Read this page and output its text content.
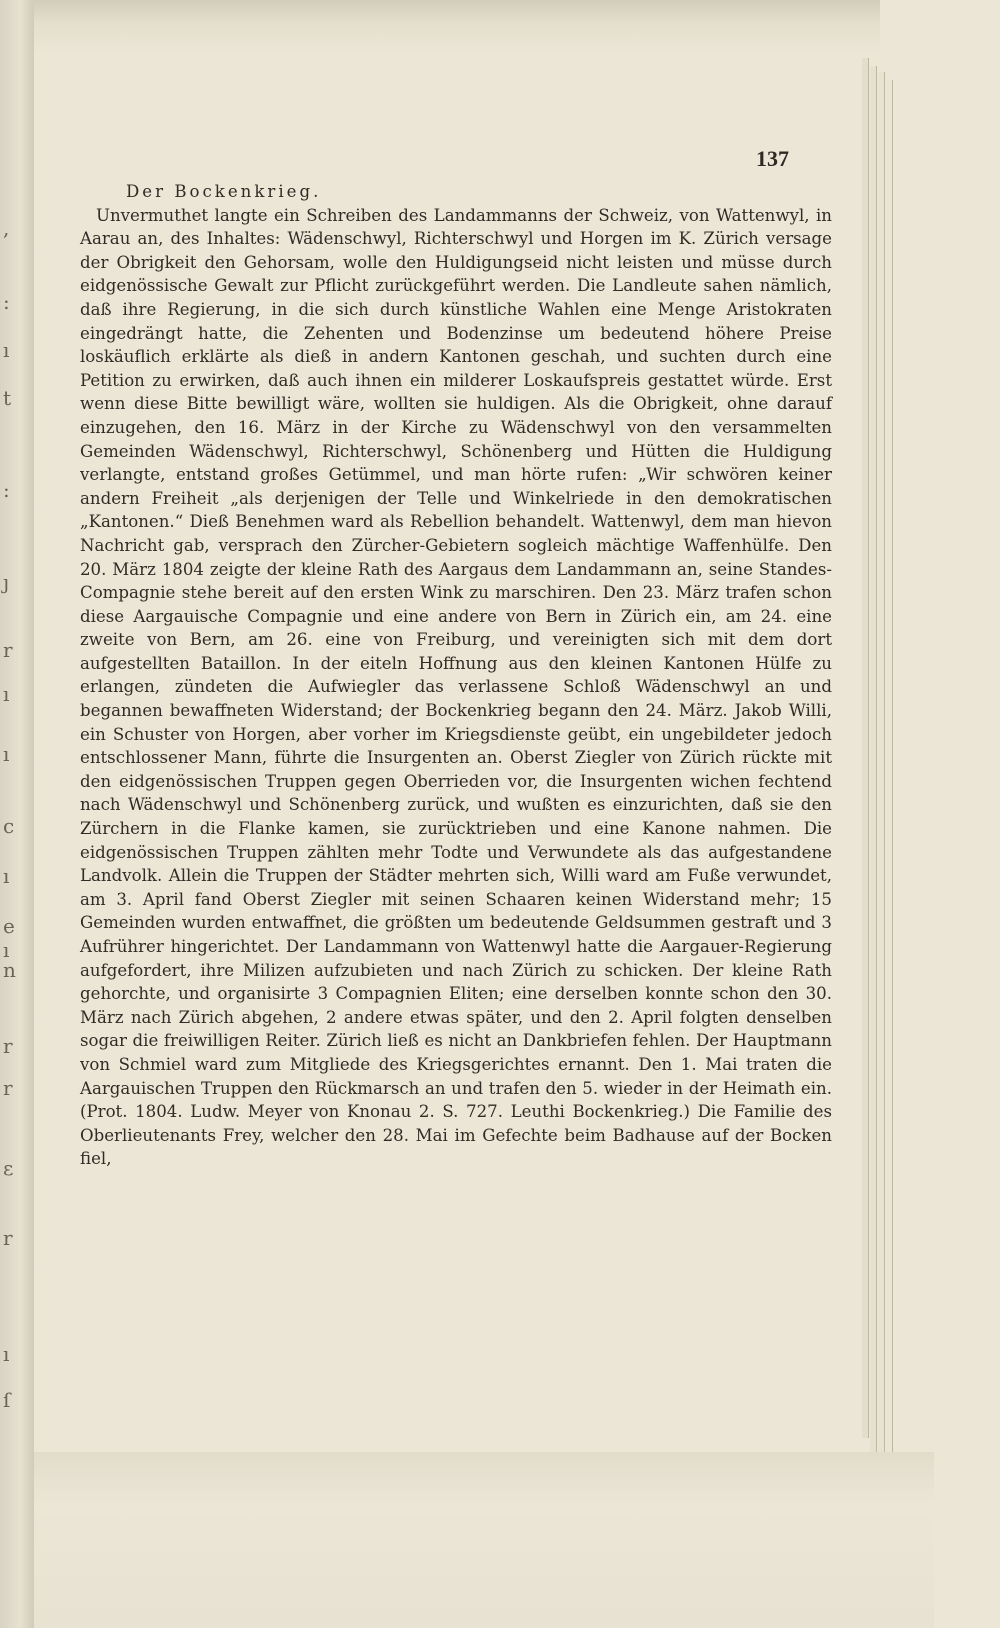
,
:
ı
t
:
ȷ
r
ı
ı
c
ı
e
ı
n
r
r
ε
r
ı
ſ

137

Der Bockenkrieg.

Unvermuthet langte ein Schreiben des Landammanns der Schweiz, von Wattenwyl, in Aarau an, des Inhaltes: Wädenschwyl, Richterschwyl und Horgen im K. Zürich versage der Obrigkeit den Gehorsam, wolle den Huldigungseid nicht leisten und müsse durch eidgenössische Gewalt zur Pflicht zurückgeführt werden. Die Landleute sahen nämlich, daß ihre Regierung, in die sich durch künstliche Wahlen eine Menge Aristokraten eingedrängt hatte, die Zehenten und Bodenzinse um bedeutend höhere Preise loskäuflich erklärte als dieß in andern Kantonen geschah, und suchten durch eine Petition zu erwirken, daß auch ihnen ein milderer Loskaufspreis gestattet würde. Erst wenn diese Bitte bewilligt wäre, wollten sie huldigen. Als die Obrigkeit, ohne darauf einzugehen, den 16. März in der Kirche zu Wädenschwyl von den versammelten Gemeinden Wädenschwyl, Richterschwyl, Schönenberg und Hütten die Huldigung verlangte, entstand großes Getümmel, und man hörte rufen: „Wir schwören keiner andern Freiheit „als derjenigen der Telle und Winkelriede in den demokratischen „Kantonen.“ Dieß Benehmen ward als Rebellion behandelt. Wattenwyl, dem man hievon Nachricht gab, versprach den Zürcher-Gebietern sogleich mächtige Waffenhülfe. Den 20. März 1804 zeigte der kleine Rath des Aargaus dem Landammann an, seine Standes-Compagnie stehe bereit auf den ersten Wink zu marschiren. Den 23. März trafen schon diese Aargauische Compagnie und eine andere von Bern in Zürich ein, am 24. eine zweite von Bern, am 26. eine von Freiburg, und vereinigten sich mit dem dort aufgestellten Bataillon. In der eiteln Hoffnung aus den kleinen Kantonen Hülfe zu erlangen, zündeten die Aufwiegler das verlassene Schloß Wädenschwyl an und begannen bewaffneten Widerstand; der Bockenkrieg begann den 24. März. Jakob Willi, ein Schuster von Horgen, aber vorher im Kriegsdienste geübt, ein ungebildeter jedoch entschlossener Mann, führte die Insurgenten an. Oberst Ziegler von Zürich rückte mit den eidgenössischen Truppen gegen Oberrieden vor, die Insurgenten wichen fechtend nach Wädenschwyl und Schönenberg zurück, und wußten es einzurichten, daß sie den Zürchern in die Flanke kamen, sie zurücktrieben und eine Kanone nahmen. Die eidgenössischen Truppen zählten mehr Todte und Verwundete als das aufgestandene Landvolk. Allein die Truppen der Städter mehrten sich, Willi ward am Fuße verwundet, am 3. April fand Oberst Ziegler mit seinen Schaaren keinen Widerstand mehr; 15 Gemeinden wurden entwaffnet, die größten um bedeutende Geldsummen gestraft und 3 Aufrührer hingerichtet. Der Landammann von Wattenwyl hatte die Aargauer-Regierung aufgefordert, ihre Milizen aufzubieten und nach Zürich zu schicken. Der kleine Rath gehorchte, und organisirte 3 Compagnien Eliten; eine derselben konnte schon den 30. März nach Zürich abgehen, 2 andere etwas später, und den 2. April folgten denselben sogar die freiwilligen Reiter. Zürich ließ es nicht an Dankbriefen fehlen. Der Hauptmann von Schmiel ward zum Mitgliede des Kriegsgerichtes ernannt. Den 1. Mai traten die Aargauischen Truppen den Rückmarsch an und trafen den 5. wieder in der Heimath ein. (Prot. 1804. Ludw. Meyer von Knonau 2. S. 727. Leuthi Bockenkrieg.) Die Familie des Oberlieutenants Frey, welcher den 28. Mai im Gefechte beim Badhause auf der Bocken fiel,
